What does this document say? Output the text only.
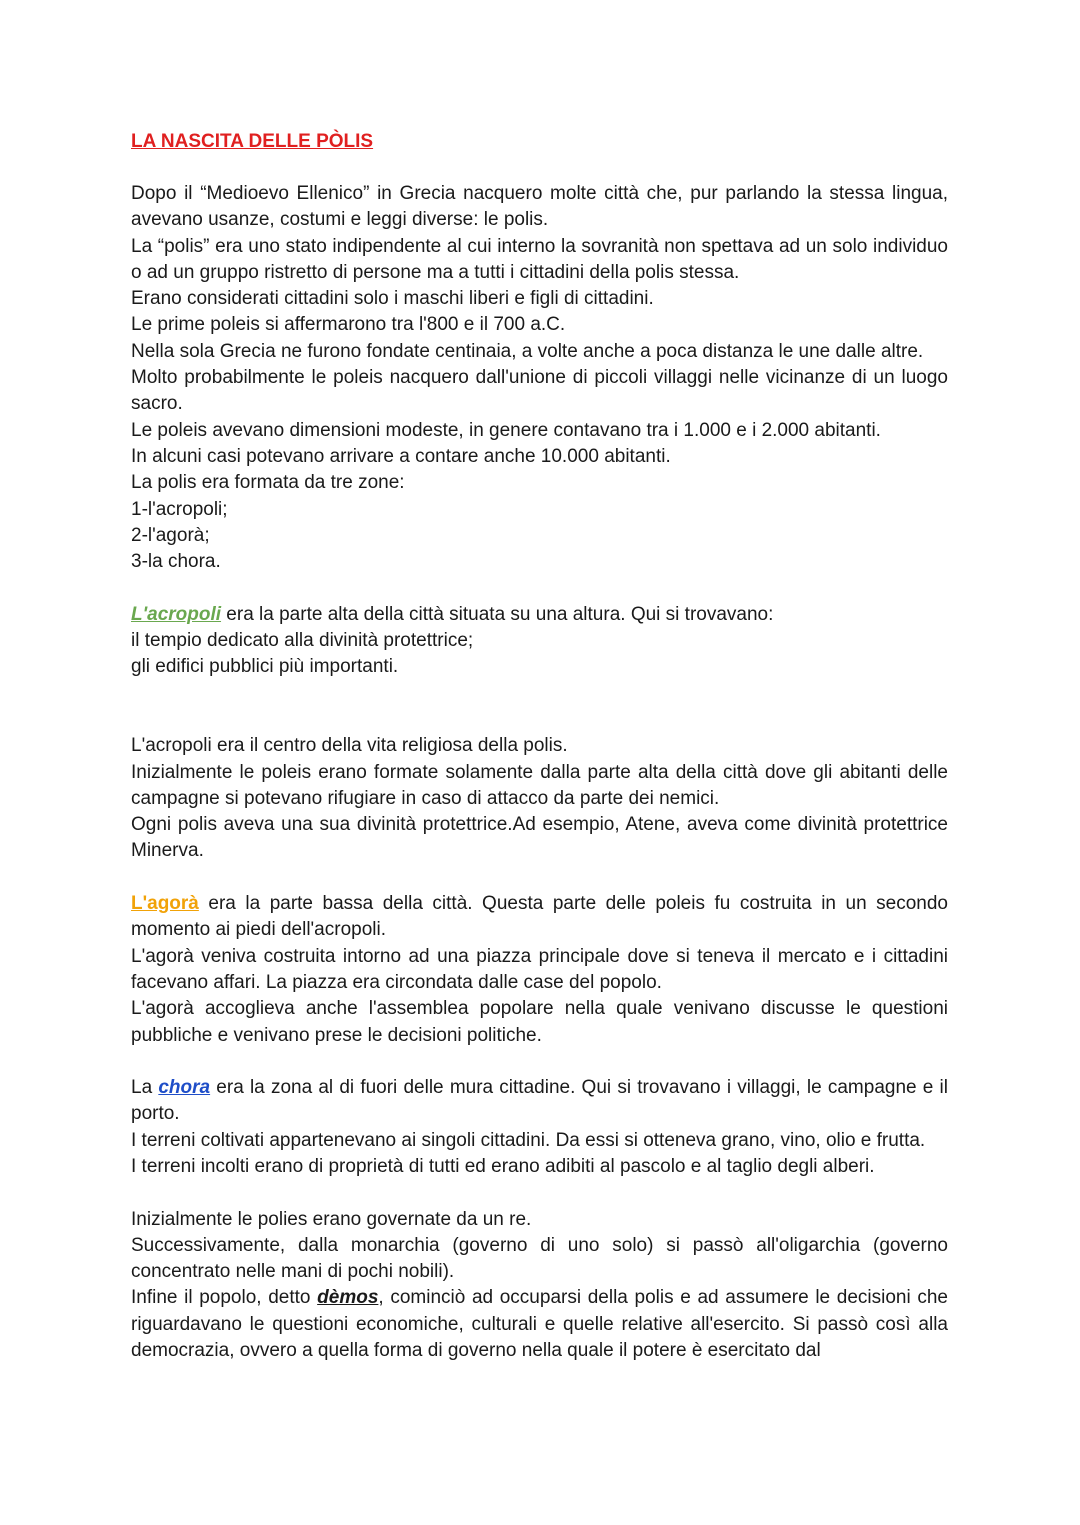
LA NASCITA DELLE PÒLIS

Dopo il “Medioevo Ellenico” in Grecia nacquero molte città che, pur parlando la stessa lingua, avevano usanze, costumi e leggi diverse: le polis.

La “polis” era uno stato indipendente al cui interno la sovranità non spettava ad un solo individuo o ad un gruppo ristretto di persone ma a tutti i cittadini della polis stessa.

Erano considerati cittadini solo i maschi liberi e figli di cittadini.

Le prime poleis si affermarono tra l'800 e il 700 a.C.

Nella sola Grecia ne furono fondate centinaia, a volte anche a poca distanza le une dalle altre.

Molto probabilmente le poleis nacquero dall'unione di piccoli villaggi nelle vicinanze di un luogo sacro.

Le poleis avevano dimensioni modeste, in genere contavano tra i 1.000 e i 2.000 abitanti.

In alcuni casi potevano arrivare a contare anche 10.000 abitanti.

La polis era formata da tre zone:

1-l'acropoli;

2-l'agorà;

3-la chora.

L'acropoli era la parte alta della città situata su una altura. Qui si trovavano:

il tempio dedicato alla divinità protettrice;

gli edifici pubblici più importanti.

L'acropoli era il centro della vita religiosa della polis.

Inizialmente le poleis erano formate solamente dalla parte alta della città dove gli abitanti delle campagne si potevano rifugiare in caso di attacco da parte dei nemici.

Ogni polis aveva una sua divinità protettrice.Ad esempio, Atene, aveva come divinità protettrice Minerva.

L'agorà era la parte bassa della città. Questa parte delle poleis fu costruita in un secondo momento ai piedi dell'acropoli.

L'agorà veniva costruita intorno ad una piazza principale dove si teneva il mercato e i cittadini facevano affari. La piazza era circondata dalle case del popolo.

L'agorà accoglieva anche l'assemblea popolare nella quale venivano discusse le questioni pubbliche e venivano prese le decisioni politiche.

La chora era la zona al di fuori delle mura cittadine. Qui si trovavano i villaggi, le campagne e il porto.

I terreni coltivati appartenevano ai singoli cittadini. Da essi si otteneva grano, vino, olio e frutta.

I terreni incolti erano di proprietà di tutti ed erano adibiti al pascolo e al taglio degli alberi.

Inizialmente le polies erano governate da un re.

Successivamente, dalla monarchia (governo di uno solo) si passò all'oligarchia (governo concentrato nelle mani di pochi nobili).

Infine il popolo, detto dèmos, cominciò ad occuparsi della polis e ad assumere le decisioni che riguardavano le questioni economiche, culturali e quelle relative all'esercito. Si passò così alla democrazia, ovvero a quella forma di governo nella quale il potere è esercitato dal
